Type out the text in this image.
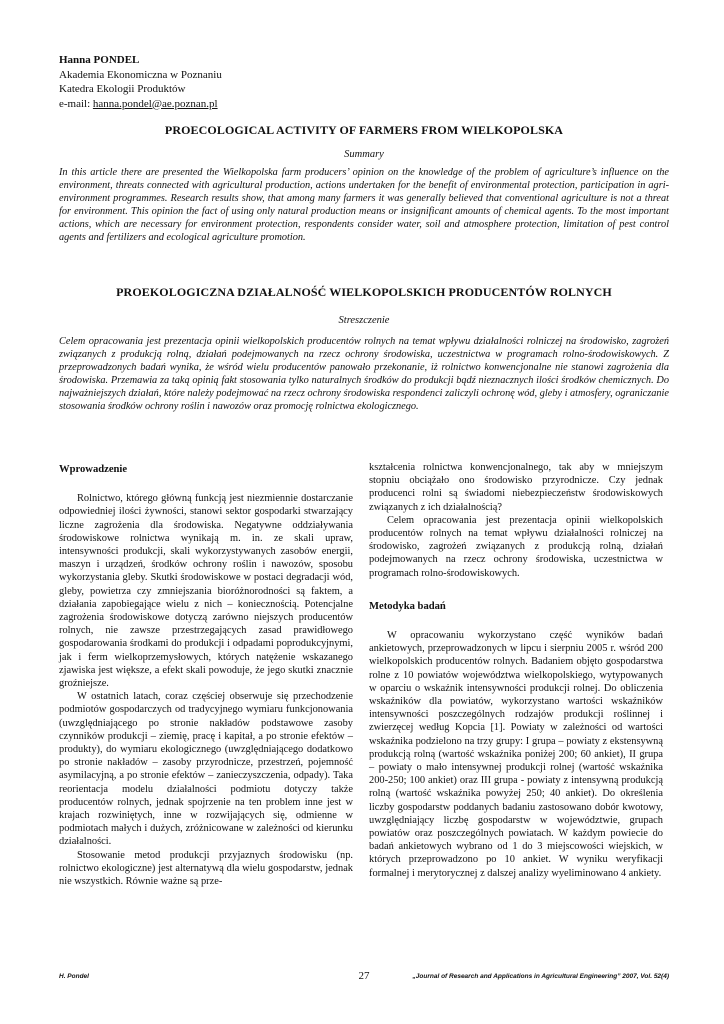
Hanna PONDEL
Akademia Ekonomiczna w Poznaniu
Katedra Ekologii Produktów
e-mail: hanna.pondel@ae.poznan.pl
PROECOLOGICAL ACTIVITY OF FARMERS FROM WIELKOPOLSKA
Summary

In this article there are presented the Wielkopolska farm producers’ opinion on the knowledge of the problem of agriculture’s influence on the environment, threats connected with agricultural production, actions undertaken for the benefit of environmental protection, participation in agri-environment programmes. Research results show, that among many farmers it was generally believed that conventional agriculture is not a threat for environment. This opinion the fact of using only natural production means or insignificant amounts of chemical agents. To the most important actions, which are necessary for environment protection, respondents consider water, soil and atmosphere protection, limitation of pest control agents and fertilizers and ecological agriculture promotion.

PROEKOLOGICZNA DZIAŁALNOŚĆ WIELKOPOLSKICH PRODUCENTÓW ROLNYCH
Streszczenie

Celem opracowania jest prezentacja opinii wielkopolskich producentów rolnych na temat wpływu działalności rolniczej na środowisko, zagrożeń związanych z produkcją rolną, działań podejmowanych na rzecz ochrony środowiska, uczestnictwa w programach rolno-środowiskowych. Z przeprowadzonych badań wynika, że wśród wielu producentów panowało przekonanie, iż rolnictwo konwencjonalne nie stanowi zagrożenia dla środowiska. Przemawia za taką opinią fakt stosowania tylko naturalnych środków do produkcji bądź nieznacznych ilości środków chemicznych. Do najważniejszych działań, które należy podejmować na rzecz ochrony środowiska respondenci zaliczyli ochronę wód, gleby i atmosfery, ograniczanie stosowania środków ochrony roślin i nawozów oraz promocję rolnictwa ekologicznego.

Wprowadzenie

Rolnictwo, którego główną funkcją jest niezmiennie dostarczanie odpowiedniej ilości żywności, stanowi sektor gospodarki stwarzający liczne zagrożenia dla środowiska. Negatywne oddziaływania środowiskowe rolnictwa wynikają m. in. ze skali upraw, intensywności produkcji, skali wykorzystywanych zasobów energii, maszyn i urządzeń, środków ochrony roślin i nawozów, sposobu wykorzystania gleby. Skutki środowiskowe w postaci degradacji wód, gleby, powietrza czy zmniejszania bioróżnorodności są faktem, a działania zapobiegające wielu z nich – koniecznością. Potencjalne zagrożenia środowiskowe dotyczą zarówno niejszych producentów rolnych, nie zawsze przestrzegających zasad prawidłowego gospodarowania środkami do produkcji i odpadami poprodukcyjnymi, jak i ferm wielkoprzemysłowych, których natężenie wskazanego zjawiska jest większe, a efekt skali powoduje, że jego skutki znacznie groźniejsze.

W ostatnich latach, coraz częściej obserwuje się przechodzenie podmiotów gospodarczych od tradycyjnego wymiaru funkcjonowania (uwzględniającego po stronie nakładów podstawowe zasoby czynników produkcji – ziemię, pracę i kapitał, a po stronie efektów – produkty), do wymiaru ekologicznego (uwzględniającego dodatkowo po stronie nakładów – zasoby przyrodnicze, przestrzeń, pojemność asymilacyjną, a po stronie efektów – zanieczyszczenia, odpady). Taka reorientacja modelu działalności podmiotu dotyczy także producentów rolnych, jednak spojrzenie na ten problem inne jest w krajach rozwiniętych, inne w rozwijających się, odmienne w podmiotach małych i dużych, zróżnicowane w zależności od kierunku działalności.

Stosowanie metod produkcji przyjaznych środowisku (np. rolnictwo ekologiczne) jest alternatywą dla wielu gospodarstw, jednak nie wszystkich. Równie ważne są prze-

kształcenia rolnictwa konwencjonalnego, tak aby w mniejszym stopniu obciążało ono środowisko przyrodnicze. Czy jednak producenci rolni są świadomi niebezpieczeństw środowiskowych związanych z ich działalnością?

Celem opracowania jest prezentacja opinii wielkopolskich producentów rolnych na temat wpływu działalności rolniczej na środowisko, zagrożeń związanych z produkcją rolną, działań podejmowanych na rzecz ochrony środowiska, uczestnictwa w programach rolno-środowiskowych.

Metodyka badań

W opracowaniu wykorzystano część wyników badań ankietowych, przeprowadzonych w lipcu i sierpniu 2005 r. wśród 200 wielkopolskich producentów rolnych. Badaniem objęto gospodarstwa rolne z 10 powiatów województwa wielkopolskiego, wytypowanych w oparciu o wskaźnik intensywności produkcji rolnej. Do obliczenia wskaźników dla powiatów, wykorzystano wartości wskaźników intensywności poszczególnych rodzajów produkcji roślinnej i zwierzęcej według Kopcia [1]. Powiaty w zależności od wartości wskaźnika podzielono na trzy grupy: I grupa – powiaty z ekstensywną produkcją rolną (wartość wskaźnika poniżej 200; 60 ankiet), II grupa – powiaty o mało intensywnej produkcji rolnej (wartość wskaźnika 200-250; 100 ankiet) oraz III grupa - powiaty z intensywną produkcją rolną (wartość wskaźnika powyżej 250; 40 ankiet). Do określenia liczby gospodarstw poddanych badaniu zastosowano dobór kwotowy, uwzględniający liczbę gospodarstw w województwie, grupach powiatów oraz poszczególnych powiatach. W każdym powiecie do badań ankietowych wybrano od 1 do 3 miejscowości wiejskich, w których przeprowadzono po 10 ankiet. W wyniku weryfikacji formalnej i merytorycznej z dalszej analizy wyeliminowano 4 ankiety.

H. Pondel	27	„Journal of Research and Applications in Agricultural Engineering” 2007, Vol. 52(4)
